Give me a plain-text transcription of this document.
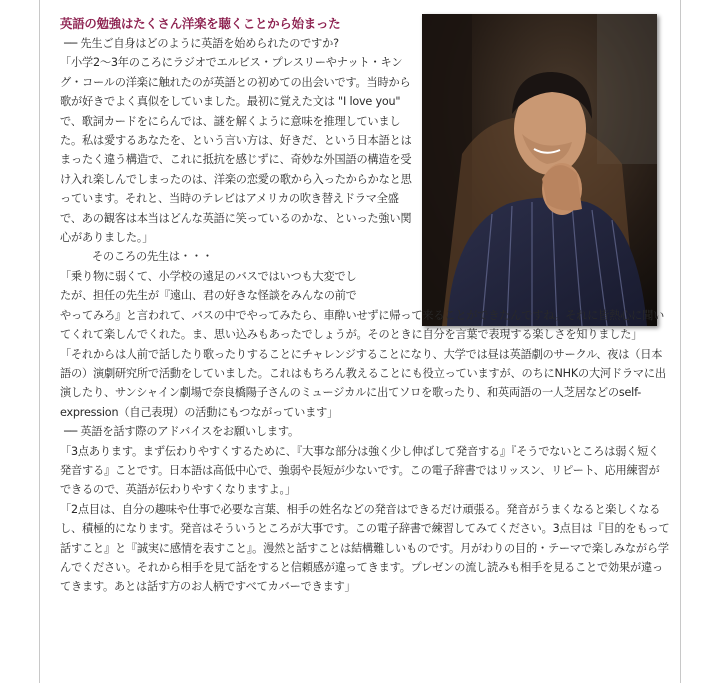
英語の勉強はたくさん洋楽を聴くことから始まった

── 先生ご自身はどのように英語を始められたのですか?

「小学2〜3年のころにラジオでエルビス・プレスリーやナット・キング・コールの洋楽に触れたのが英語との初めての出会いです。当時から歌が好きでよく真似をしていました。最初に覚えた文は "I love you" で、歌詞カードをにらんでは、謎を解くように意味を推理していました。私は愛するあなたを、という言い方は、好きだ、という日本語とはまったく違う構造で、これに抵抗を感じずに、奇妙な外国語の構造を受け入れ楽しんでしまったのは、洋楽の恋愛の歌から入ったからかなと思っています。それと、当時のテレビはアメリカの吹き替えドラマ全盛で、あの観客は本当はどんな英語に笑っているのかな、といった強い関心がありました。」

そのころの先生は・・・

「乗り物に弱くて、小学校の遠足のバスではいつも大変でし

たが、担任の先生が『遠山、君の好きな怪談をみんなの前で

やってみろ』と言われて、バスの中でやってみたら、車酔いせずに帰って来ることができたんですね。それに皆熱心に聞いてくれて楽しんでくれた。ま、思い込みもあったでしょうが。そのときに自分を言葉で表現する楽しさを知りました」

「それからは人前で話したり歌ったりすることにチャレンジすることになり、大学では昼は英語劇のサークル、夜は（日本語の）演劇研究所で活動をしていました。これはもちろん教えることにも役立っていますが、のちにNHKの大河ドラマに出演したり、サンシャイン劇場で奈良橋陽子さんのミュージカルに出てソロを歌ったり、和英両語の一人芝居などのself-expression（自己表現）の活動にもつながっています」

── 英語を話す際のアドバイスをお願いします。

「3点あります。まず伝わりやすくするために、『大事な部分は強く少し伸ばして発音する』『そうでないところは弱く短く発音する』ことです。日本語は高低中心で、強弱や長短が少ないです。この電子辞書ではリッスン、リピート、応用練習ができるので、英語が伝わりやすくなりますよ。」

「2点目は、自分の趣味や仕事で必要な言葉、相手の姓名などの発音はできるだけ頑張る。発音がうまくなると楽しくなるし、積極的になります。発音はそういうところが大事です。この電子辞書で練習してみてください。3点目は『目的をもって話すこと』と『誠実に感情を表すこと』。漫然と話すことは結構難しいものです。月がわりの目的・テーマで楽しみながら学んでください。それから相手を見て話をすると信頼感が違ってきます。プレゼンの流し読みも相手を見ることで効果が違ってきます。あとは話す方のお人柄ですべてカバーできます」
